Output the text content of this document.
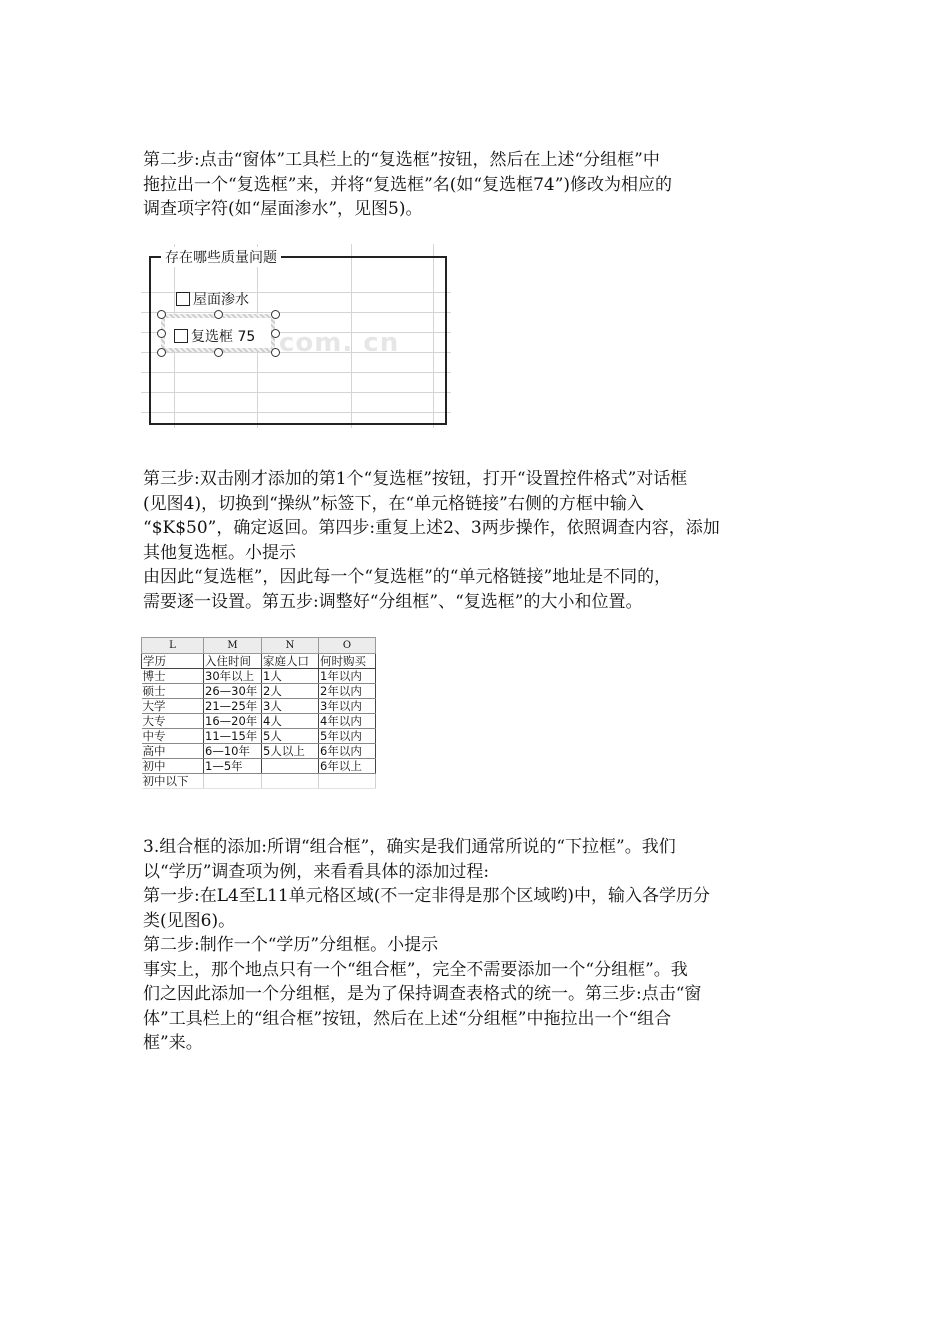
第二步:点击“窗体”工具栏上的“复选框”按钮，然后在上述“分组框”中

拖拉出一个“复选框”来，并将“复选框”名(如“复选框74”)修改为相应的

调查项字符(如“屋面渗水”，见图5)。

存在哪些质量问题
屋面渗水
复选框 75 com. cn

第三步:双击刚才添加的第1个“复选框”按钮，打开“设置控件格式”对话框

(见图4)，切换到“操纵”标签下，在“单元格链接”右侧的方框中输入

“$K$50”，确定返回。第四步:重复上述2、3两步操作，依照调查内容，添加

其他复选框。小提示

由因此“复选框”，因此每一个“复选框”的“单元格链接”地址是不同的，

需要逐一设置。第五步:调整好“分组框”、“复选框”的大小和位置。

L	M	N	O
学历	入住时间	家庭人口	何时购买
博士	30年以上	1人	1年以内
硕士	26—30年	2人	2年以内
大学	21—25年	3人	3年以内
大专	16—20年	4人	4年以内
中专	11—15年	5人	5年以内
高中	6—10年	5人以上	6年以内
初中	1—5年		6年以上
初中以下			

3.组合框的添加:所谓“组合框”，确实是我们通常所说的“下拉框”。我们

以“学历”调查项为例，来看看具体的添加过程:

第一步:在L4至L11单元格区域(不一定非得是那个区域哟)中，输入各学历分

类(见图6)。

第二步:制作一个“学历”分组框。小提示

事实上，那个地点只有一个“组合框”，完全不需要添加一个“分组框”。我

们之因此添加一个分组框，是为了保持调查表格式的统一。第三步:点击“窗

体”工具栏上的“组合框”按钮，然后在上述“分组框”中拖拉出一个“组合

框”来。
